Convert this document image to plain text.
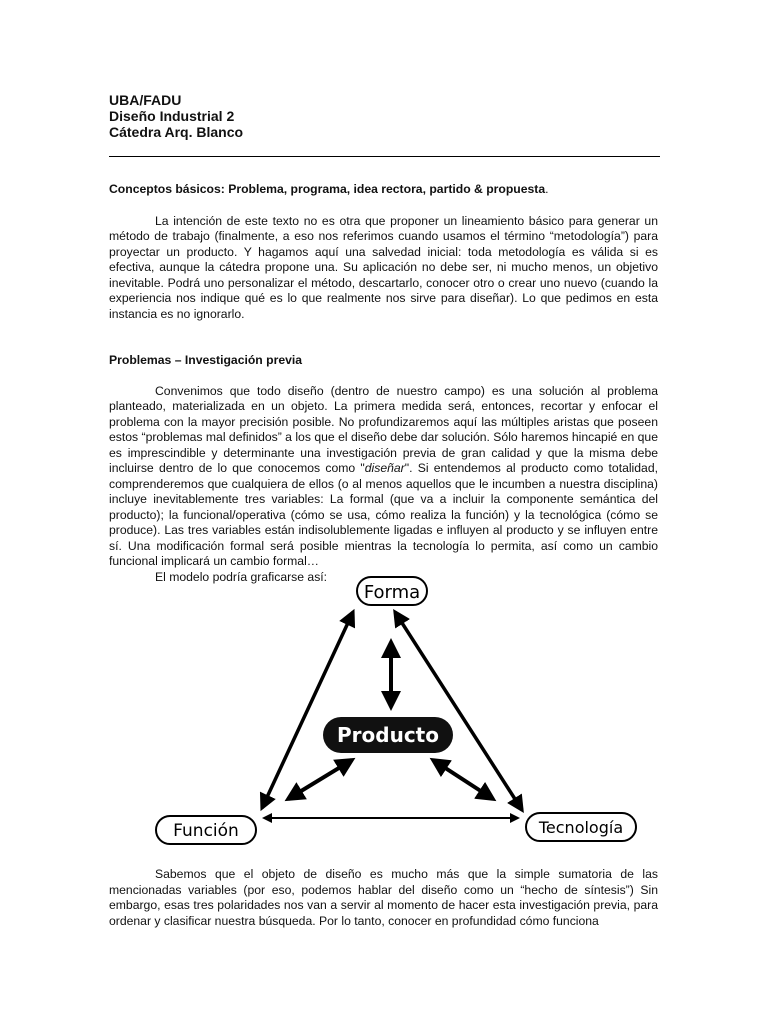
UBA/FADU
Diseño Industrial 2
Cátedra Arq. Blanco

Conceptos básicos: Problema, programa, idea rectora, partido & propuesta.

La intención de este texto no es otra que proponer un lineamiento básico para generar un método de trabajo (finalmente, a eso nos referimos cuando usamos el término “metodología”) para proyectar un producto. Y hagamos aquí una salvedad inicial: toda metodología es válida si es efectiva, aunque la cátedra propone una. Su aplicación no debe ser, ni mucho menos, un objetivo inevitable. Podrá uno personalizar el método, descartarlo, conocer otro o crear uno nuevo (cuando la experiencia nos indique qué es lo que realmente nos sirve para diseñar). Lo que pedimos en esta instancia es no ignorarlo.

Problemas – Investigación previa

Convenimos que todo diseño (dentro de nuestro campo) es una solución al problema planteado, materializada en un objeto. La primera medida será, entonces, recortar y enfocar el problema con la mayor precisión posible. No profundizaremos aquí las múltiples aristas que poseen estos “problemas mal definidos” a los que el diseño debe dar solución. Sólo haremos hincapié en que es imprescindible y determinante una investigación previa de gran calidad y que la misma debe incluirse dentro de lo que conocemos como "diseñar". Si entendemos al producto como totalidad, comprenderemos que cualquiera de ellos (o al menos aquellos que le incumben a nuestra disciplina) incluye inevitablemente tres variables: La formal (que va a incluir la componente semántica del producto); la funcional/operativa (cómo se usa, cómo realiza la función) y la tecnológica (cómo se produce). Las tres variables están indisolublemente ligadas e influyen al producto y se influyen entre sí. Una modificación formal será posible mientras la tecnología lo permita, así como un cambio funcional implicará un cambio formal…

El modelo podría graficarse así:

Forma
Producto
Función	Tecnología

Sabemos que el objeto de diseño es mucho más que la simple sumatoria de las mencionadas variables (por eso, podemos hablar del diseño como un “hecho de síntesis”) Sin embargo, esas tres polaridades nos van a servir al momento de hacer esta investigación previa, para ordenar y clasificar nuestra búsqueda. Por lo tanto, conocer en profundidad cómo funciona
